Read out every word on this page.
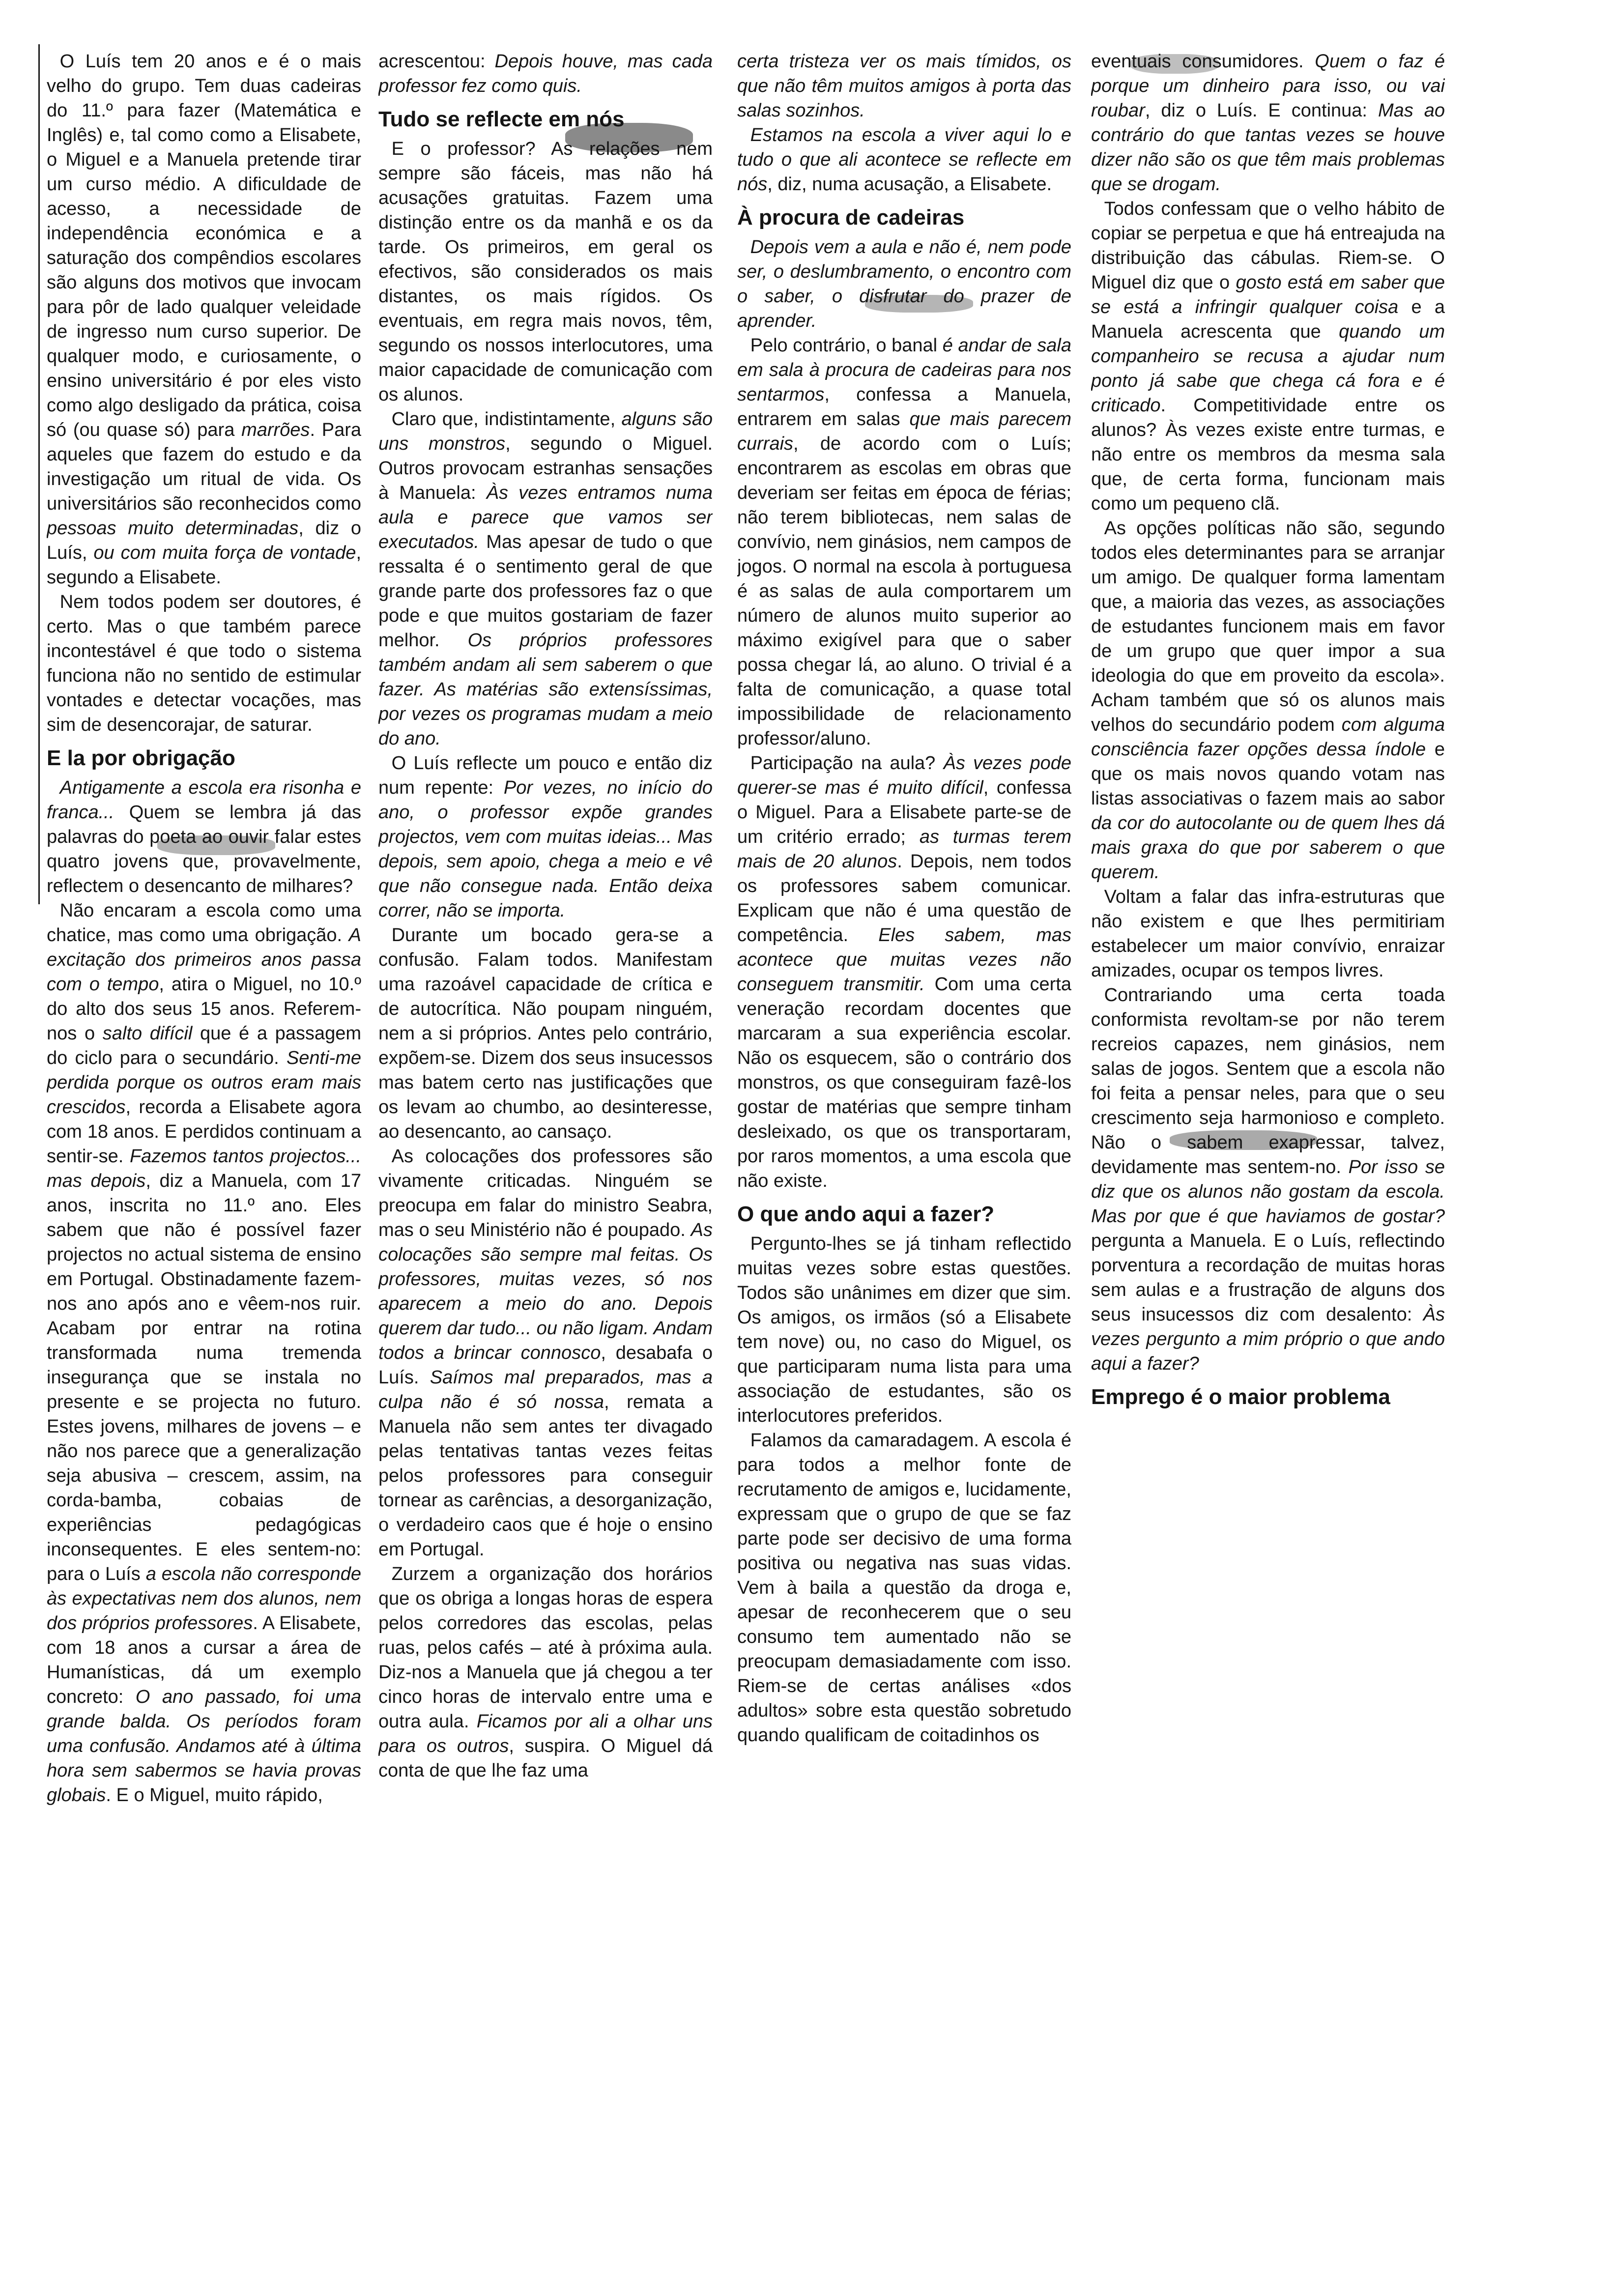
O Luís tem 20 anos e é o mais velho do grupo. Tem duas cadeiras do 11.º para fazer (Matemática e Inglês) e, tal como como a Elisabete, o Miguel e a Manuela pretende tirar um curso médio. A dificuldade de acesso, a necessidade de independência económica e a saturação dos compêndios escolares são alguns dos motivos que invocam para pôr de lado qualquer veleidade de ingresso num curso superior. De qualquer modo, e curiosamente, o ensino universitário é por eles visto como algo desligado da prática, coisa só (ou quase só) para marrões. Para aqueles que fazem do estudo e da investigação um ritual de vida. Os universitários são reconhecidos como pessoas muito determinadas, diz o Luís, ou com muita força de vontade, segundo a Elisabete.

Nem todos podem ser doutores, é certo. Mas o que também parece incontestável é que todo o sistema funciona não no sentido de estimular vontades e detectar vocações, mas sim de desencorajar, de saturar.

E la por obrigação

Antigamente a escola era risonha e franca... Quem se lembra já das palavras do poeta ao ouvir falar estes quatro jovens que, provavelmente, reflectem o desencanto de milhares?

Não encaram a escola como uma chatice, mas como uma obrigação. A excitação dos primeiros anos passa com o tempo, atira o Miguel, no 10.º do alto dos seus 15 anos. Referem-nos o salto difícil que é a passagem do ciclo para o secundário. Senti-me perdida porque os outros eram mais crescidos, recorda a Elisabete agora com 18 anos. E perdidos continuam a sentir-se. Fazemos tantos projectos... mas depois, diz a Manuela, com 17 anos, inscrita no 11.º ano. Eles sabem que não é possível fazer projectos no actual sistema de ensino em Portugal. Obstinadamente fazem-nos ano após ano e vêem-nos ruir. Acabam por entrar na rotina transformada numa tremenda insegurança que se instala no presente e se projecta no futuro. Estes jovens, milhares de jovens – e não nos parece que a generalização seja abusiva – crescem, assim, na corda-bamba, cobaias de experiências pedagógicas inconsequentes. E eles sentem-no: para o Luís a escola não corresponde às expectativas nem dos alunos, nem dos próprios professores. A Elisabete, com 18 anos a cursar a área de Humanísticas, dá um exemplo concreto: O ano passado, foi uma grande balda. Os períodos foram uma confusão. Andamos até à última hora sem sabermos se havia provas globais. E o Miguel, muito rápido,

acrescentou: Depois houve, mas cada professor fez como quis.

Tudo se reflecte em nós

E o professor? As relações nem sempre são fáceis, mas não há acusações gratuitas. Fazem uma distinção entre os da manhã e os da tarde. Os primeiros, em geral os efectivos, são considerados os mais distantes, os mais rígidos. Os eventuais, em regra mais novos, têm, segundo os nossos interlocutores, uma maior capacidade de comunicação com os alunos.

Claro que, indistintamente, alguns são uns monstros, segundo o Miguel. Outros provocam estranhas sensações à Manuela: Às vezes entramos numa aula e parece que vamos ser executados. Mas apesar de tudo o que ressalta é o sentimento geral de que grande parte dos professores faz o que pode e que muitos gostariam de fazer melhor. Os próprios professores também andam ali sem saberem o que fazer. As matérias são extensíssimas, por vezes os programas mudam a meio do ano.

O Luís reflecte um pouco e então diz num repente: Por vezes, no início do ano, o professor expõe grandes projectos, vem com muitas ideias... Mas depois, sem apoio, chega a meio e vê que não consegue nada. Então deixa correr, não se importa.

Durante um bocado gera-se a confusão. Falam todos. Manifestam uma razoável capacidade de crítica e de autocrítica. Não poupam ninguém, nem a si próprios. Antes pelo contrário, expõem-se. Dizem dos seus insucessos mas batem certo nas justificações que os levam ao chumbo, ao desinteresse, ao desencanto, ao cansaço.

As colocações dos professores são vivamente criticadas. Ninguém se preocupa em falar do ministro Seabra, mas o seu Ministério não é poupado. As colocações são sempre mal feitas. Os professores, muitas vezes, só nos aparecem a meio do ano. Depois querem dar tudo... ou não ligam. Andam todos a brincar connosco, desabafa o Luís. Saímos mal preparados, mas a culpa não é só nossa, remata a Manuela não sem antes ter divagado pelas tentativas tantas vezes feitas pelos professores para conseguir tornear as carências, a desorganização, o verdadeiro caos que é hoje o ensino em Portugal.

Zurzem a organização dos horários que os obriga a longas horas de espera pelos corredores das escolas, pelas ruas, pelos cafés – até à próxima aula. Diz-nos a Manuela que já chegou a ter cinco horas de intervalo entre uma e outra aula. Ficamos por ali a olhar uns para os outros, suspira. O Miguel dá conta de que lhe faz uma

certa tristeza ver os mais tímidos, os que não têm muitos amigos à porta das salas sozinhos.

Estamos na escola a viver aqui lo e tudo o que ali acontece se reflecte em nós, diz, numa acusação, a Elisabete.

À procura de cadeiras

Depois vem a aula e não é, nem pode ser, o deslumbramento, o encontro com o saber, o disfrutar do prazer de aprender.

Pelo contrário, o banal é andar de sala em sala à procura de cadeiras para nos sentarmos, confessa a Manuela, entrarem em salas que mais parecem currais, de acordo com o Luís; encontrarem as escolas em obras que deveriam ser feitas em época de férias; não terem bibliotecas, nem salas de convívio, nem ginásios, nem campos de jogos. O normal na escola à portuguesa é as salas de aula comportarem um número de alunos muito superior ao máximo exigível para que o saber possa chegar lá, ao aluno. O trivial é a falta de comunicação, a quase total impossibilidade de relacionamento professor/aluno.

Participação na aula? Às vezes pode querer-se mas é muito difícil, confessa o Miguel. Para a Elisabete parte-se de um critério errado; as turmas terem mais de 20 alunos. Depois, nem todos os professores sabem comunicar. Explicam que não é uma questão de competência. Eles sabem, mas acontece que muitas vezes não conseguem transmitir. Com uma certa veneração recordam docentes que marcaram a sua experiência escolar. Não os esquecem, são o contrário dos monstros, os que conseguiram fazê-los gostar de matérias que sempre tinham desleixado, os que os transportaram, por raros momentos, a uma escola que não existe.

O que ando aqui a fazer?

Pergunto-lhes se já tinham reflectido muitas vezes sobre estas questões. Todos são unânimes em dizer que sim. Os amigos, os irmãos (só a Elisabete tem nove) ou, no caso do Miguel, os que participaram numa lista para uma associação de estudantes, são os interlocutores preferidos.

Falamos da camaradagem. A escola é para todos a melhor fonte de recrutamento de amigos e, lucidamente, expressam que o grupo de que se faz parte pode ser decisivo de uma forma positiva ou negativa nas suas vidas. Vem à baila a questão da droga e, apesar de reconhecerem que o seu consumo tem aumentado não se preocupam demasiadamente com isso. Riem-se de certas análises «dos adultos» sobre esta questão sobretudo quando qualificam de coitadinhos os

eventuais consumidores. Quem o faz é porque um dinheiro para isso, ou vai roubar, diz o Luís. E continua: Mas ao contrário do que tantas vezes se houve dizer não são os que têm mais problemas que se drogam.

Todos confessam que o velho hábito de copiar se perpetua e que há entreajuda na distribuição das cábulas. Riem-se. O Miguel diz que o gosto está em saber que se está a infringir qualquer coisa e a Manuela acrescenta que quando um companheiro se recusa a ajudar num ponto já sabe que chega cá fora e é criticado. Competitividade entre os alunos? Às vezes existe entre turmas, e não entre os membros da mesma sala que, de certa forma, funcionam mais como um pequeno clã.

As opções políticas não são, segundo todos eles determinantes para se arranjar um amigo. De qualquer forma lamentam que, a maioria das vezes, as associações de estudantes funcionem mais em favor de um grupo que quer impor a sua ideologia do que em proveito da escola». Acham também que só os alunos mais velhos do secundário podem com alguma consciência fazer opções dessa índole e que os mais novos quando votam nas listas associativas o fazem mais ao sabor da cor do autocolante ou de quem lhes dá mais graxa do que por saberem o que querem.

Voltam a falar das infra-estruturas que não existem e que lhes permitiriam estabelecer um maior convívio, enraizar amizades, ocupar os tempos livres.

Contrariando uma certa toada conformista revoltam-se por não terem recreios capazes, nem ginásios, nem salas de jogos. Sentem que a escola não foi feita a pensar neles, para que o seu crescimento seja harmonioso e completo. Não o sabem exapressar, talvez, devidamente mas sentem-no. Por isso se diz que os alunos não gostam da escola. Mas por que é que haviamos de gostar? pergunta a Manuela. E o Luís, reflectindo porventura a recordação de muitas horas sem aulas e a frustração de alguns dos seus insucessos diz com desalento: Às vezes pergunto a mim próprio o que ando aqui a fazer?

Emprego é o maior problema
